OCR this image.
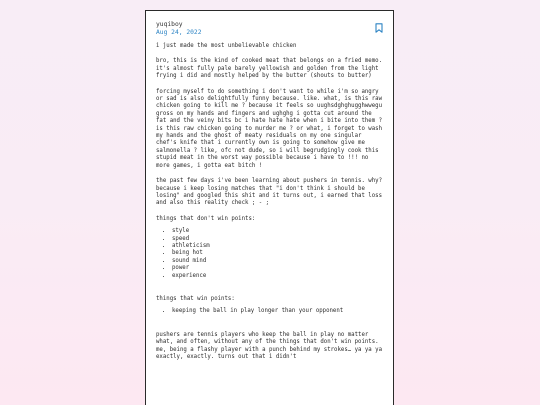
yuqiboy
Aug 24, 2022

i just made the most unbelievable chicken

bro, this is the kind of cooked meat that belongs on a fried memo. it's almost fully pale barely yellowish and golden from the light frying i did and mostly helped by the butter (shouts to butter)

forcing myself to do something i don't want to while i'm so angry or sad is also delightfully funny because. like. what, is this raw chicken going to kill me ? because it feels so uughsdghghugghwwegu gross on my hands and fingers and ughghg i gotta cut around the fat and the veiny bits bc i hate hate hate when i bite into them ? is this raw chicken going to murder me ? or what, i forget to wash my hands and the ghost of meaty residuals on my one singular chef's knife that i currently own is going to somehow give me salmonella ? like, ofc not dude, so i will begrudgingly cook this stupid meat in the worst way possible because i have to !!! no more games, i gotta eat bitch !

the past few days i've been learning about pushers in tennis. why? because i keep losing matches that "i don't think i should be losing" and googled this shit and it turns out, i earned that loss and also this reality check ; - ;

things that don't win points:

• style
• speed
• athleticism
• being hot
• sound mind
• power
• experience

things that win points:

• keeping the ball in play longer than your opponent

pushers are tennis players who keep the ball in play no matter what, and often, without any of the things that don't win points. me, being a flashy player with a punch behind my strokes… ya ya ya exactly, exactly. turns out that i didn't
